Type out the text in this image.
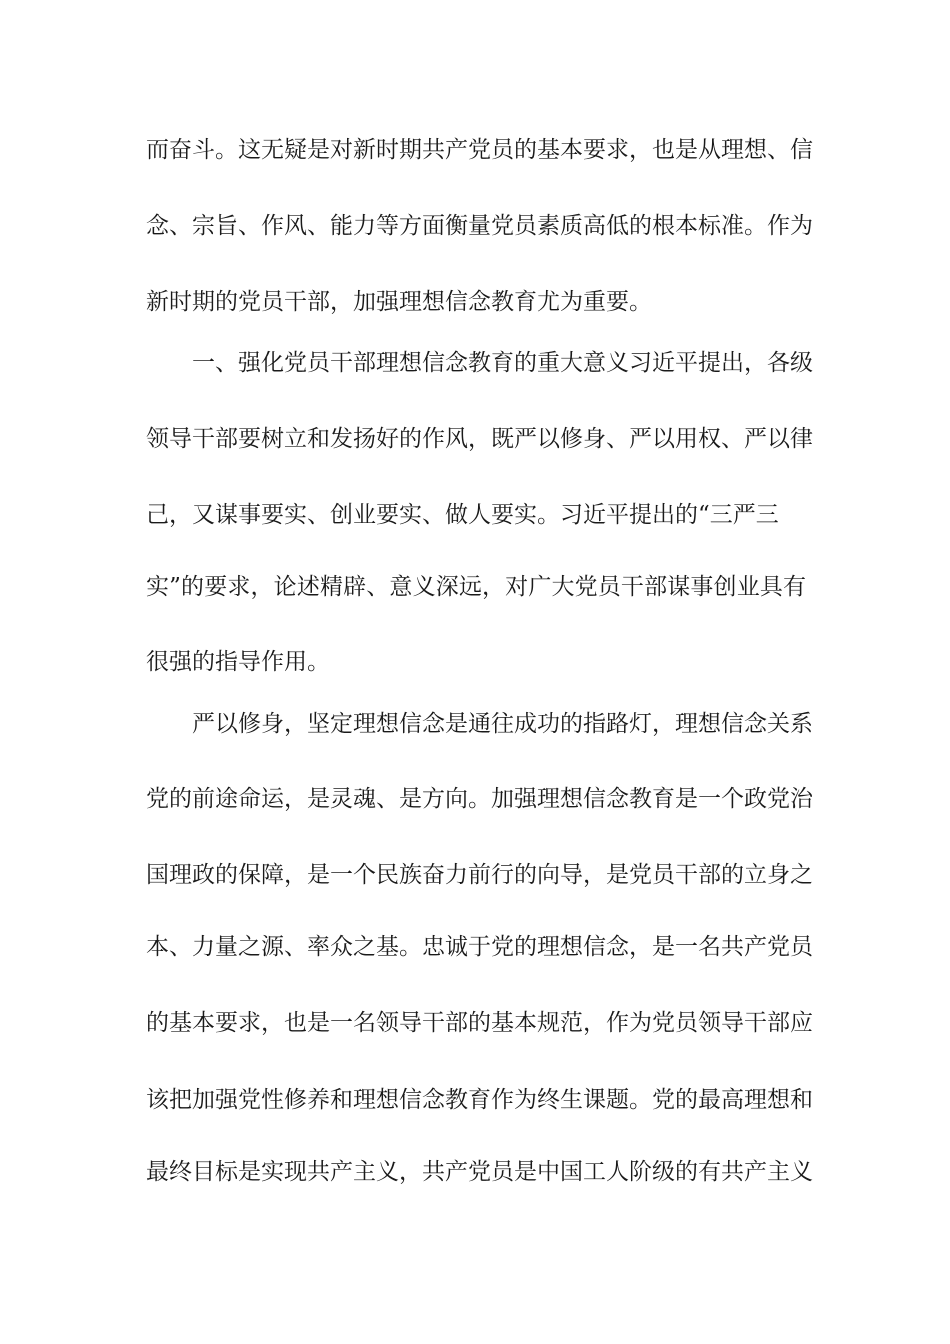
而奋斗。这无疑是对新时期共产党员的基本要求，也是从理想、信
念、宗旨、作风、能力等方面衡量党员素质高低的根本标准。作为
新时期的党员干部，加强理想信念教育尤为重要。
一、强化党员干部理想信念教育的重大意义习近平提出，各级
领导干部要树立和发扬好的作风，既严以修身、严以用权、严以律
己，又谋事要实、创业要实、做人要实。习近平提出的“三严三
实”的要求，论述精辟、意义深远，对广大党员干部谋事创业具有
很强的指导作用。
严以修身，坚定理想信念是通往成功的指路灯，理想信念关系
党的前途命运，是灵魂、是方向。加强理想信念教育是一个政党治
国理政的保障，是一个民族奋力前行的向导，是党员干部的立身之
本、力量之源、率众之基。忠诚于党的理想信念，是一名共产党员
的基本要求，也是一名领导干部的基本规范，作为党员领导干部应
该把加强党性修养和理想信念教育作为终生课题。党的最高理想和
最终目标是实现共产主义，共产党员是中国工人阶级的有共产主义
